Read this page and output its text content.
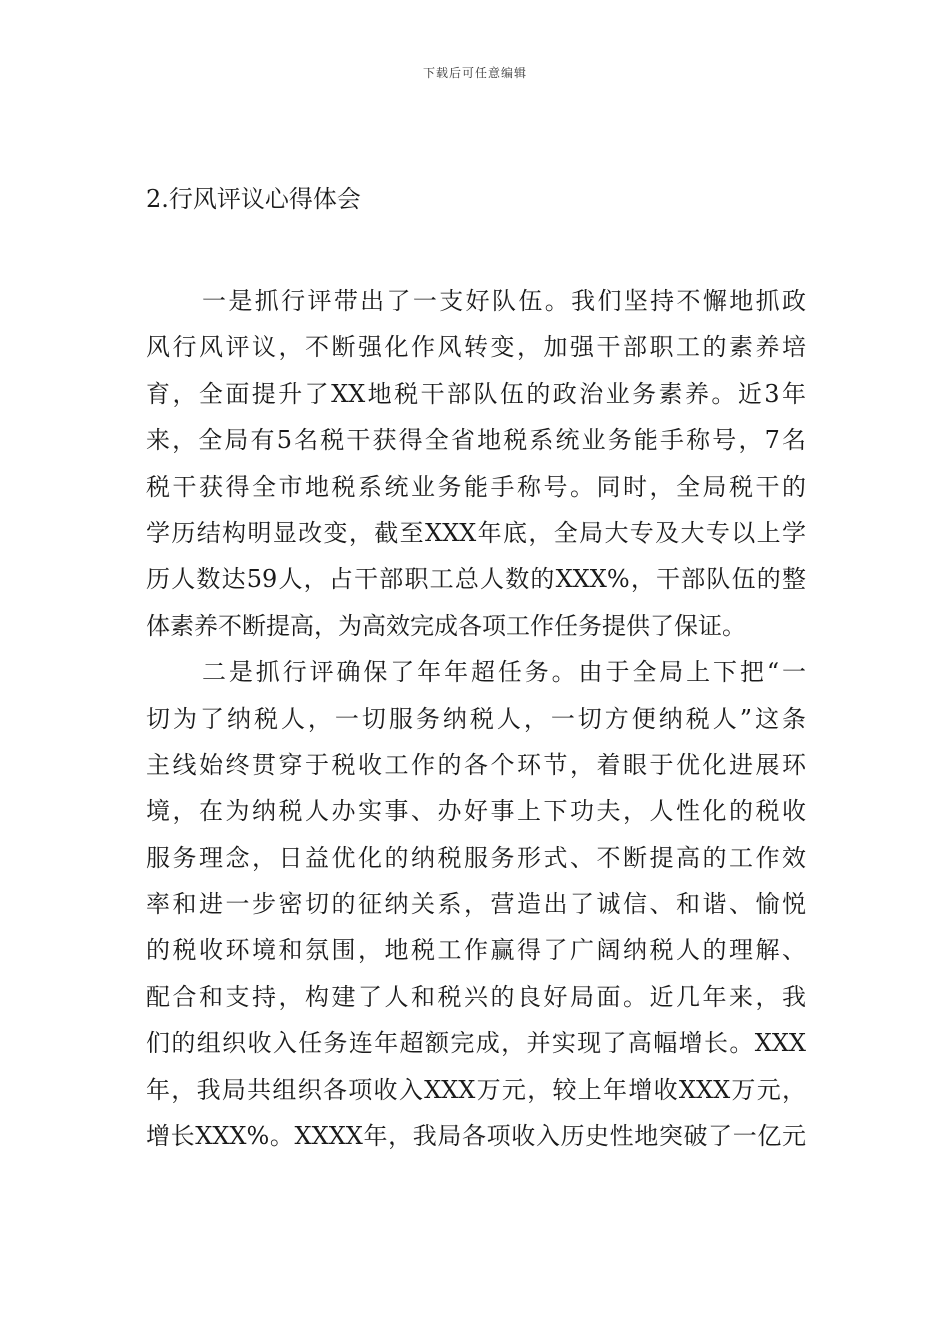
下载后可任意编辑
2.行风评议心得体会
一是抓行评带出了一支好队伍。我们坚持不懈地抓政
风行风评议，不断强化作风转变，加强干部职工的素养培
育，全面提升了XX地税干部队伍的政治业务素养。近3年
来，全局有5名税干获得全省地税系统业务能手称号，7名
税干获得全市地税系统业务能手称号。同时，全局税干的
学历结构明显改变，截至XXX年底，全局大专及大专以上学
历人数达59人，占干部职工总人数的XXX%，干部队伍的整
体素养不断提高，为高效完成各项工作任务提供了保证。
二是抓行评确保了年年超任务。由于全局上下把“一
切为了纳税人，一切服务纳税人，一切方便纳税人”这条
主线始终贯穿于税收工作的各个环节，着眼于优化进展环
境，在为纳税人办实事、办好事上下功夫，人性化的税收
服务理念，日益优化的纳税服务形式、不断提高的工作效
率和进一步密切的征纳关系，营造出了诚信、和谐、愉悦
的税收环境和氛围，地税工作赢得了广阔纳税人的理解、
配合和支持，构建了人和税兴的良好局面。近几年来，我
们的组织收入任务连年超额完成，并实现了高幅增长。XXX
年，我局共组织各项收入XXX万元，较上年增收XXX万元，
增长XXX%。XXXX年，我局各项收入历史性地突破了一亿元
